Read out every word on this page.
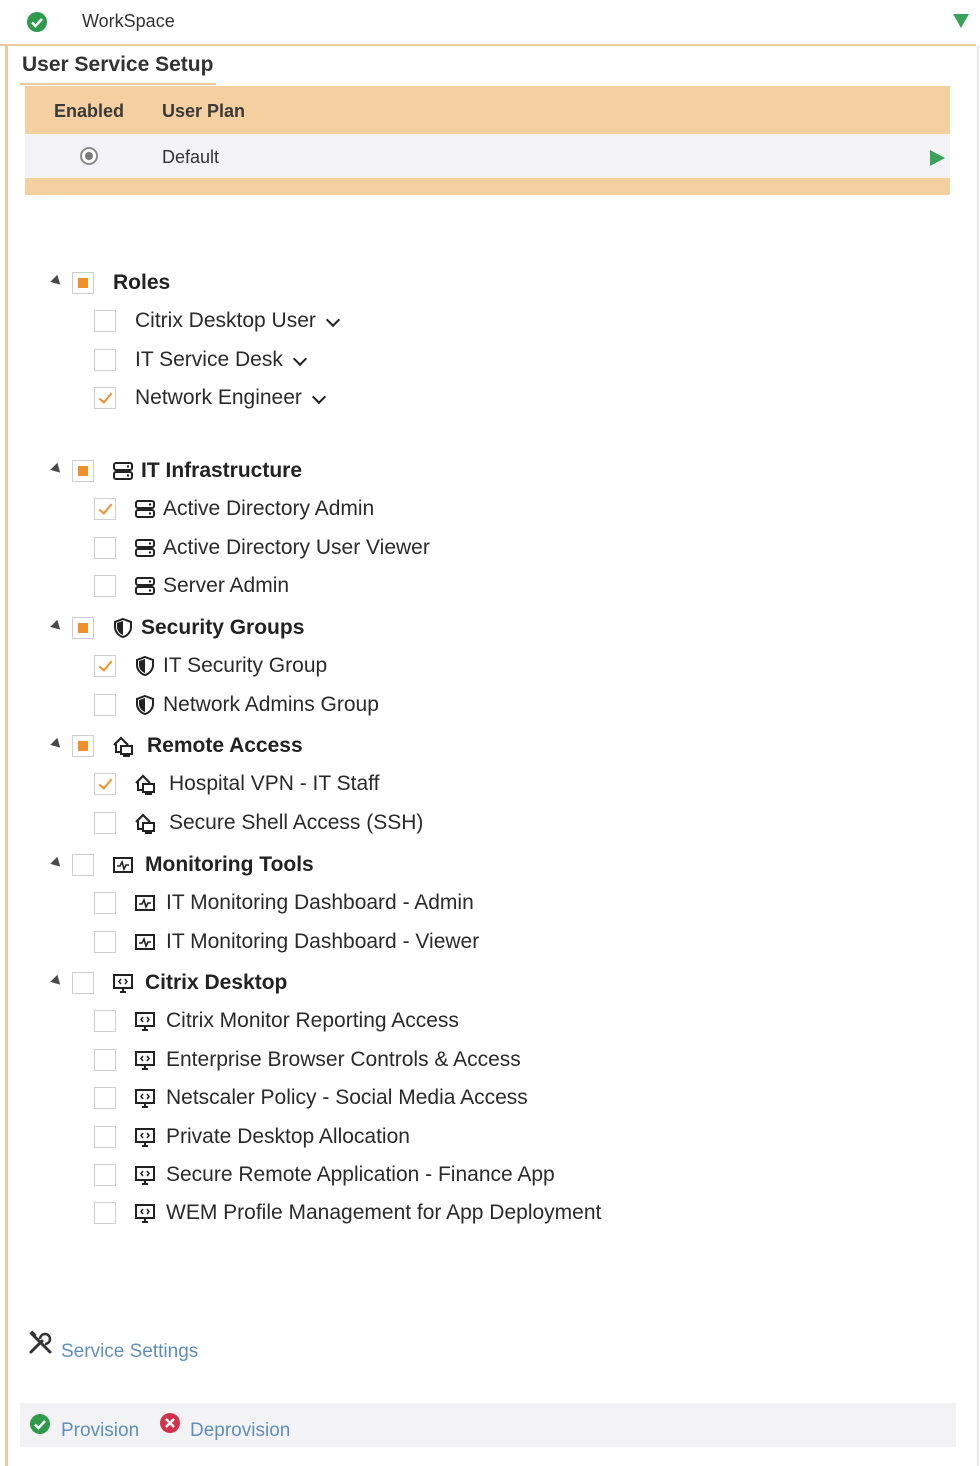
WorkSpace
User Service Setup
Enabled User Plan
Default
Roles
Citrix Desktop User
IT Service Desk
Network Engineer
IT Infrastructure
Active Directory Admin
Active Directory User Viewer
Server Admin
Security Groups
IT Security Group
Network Admins Group
Remote Access
Hospital VPN - IT Staff
Secure Shell Access (SSH)
Monitoring Tools
IT Monitoring Dashboard - Admin
IT Monitoring Dashboard - Viewer
Citrix Desktop
Citrix Monitor Reporting Access
Enterprise Browser Controls & Access
Netscaler Policy - Social Media Access
Private Desktop Allocation
Secure Remote Application - Finance App
WEM Profile Management for App Deployment
Service Settings
Provision	Deprovision
